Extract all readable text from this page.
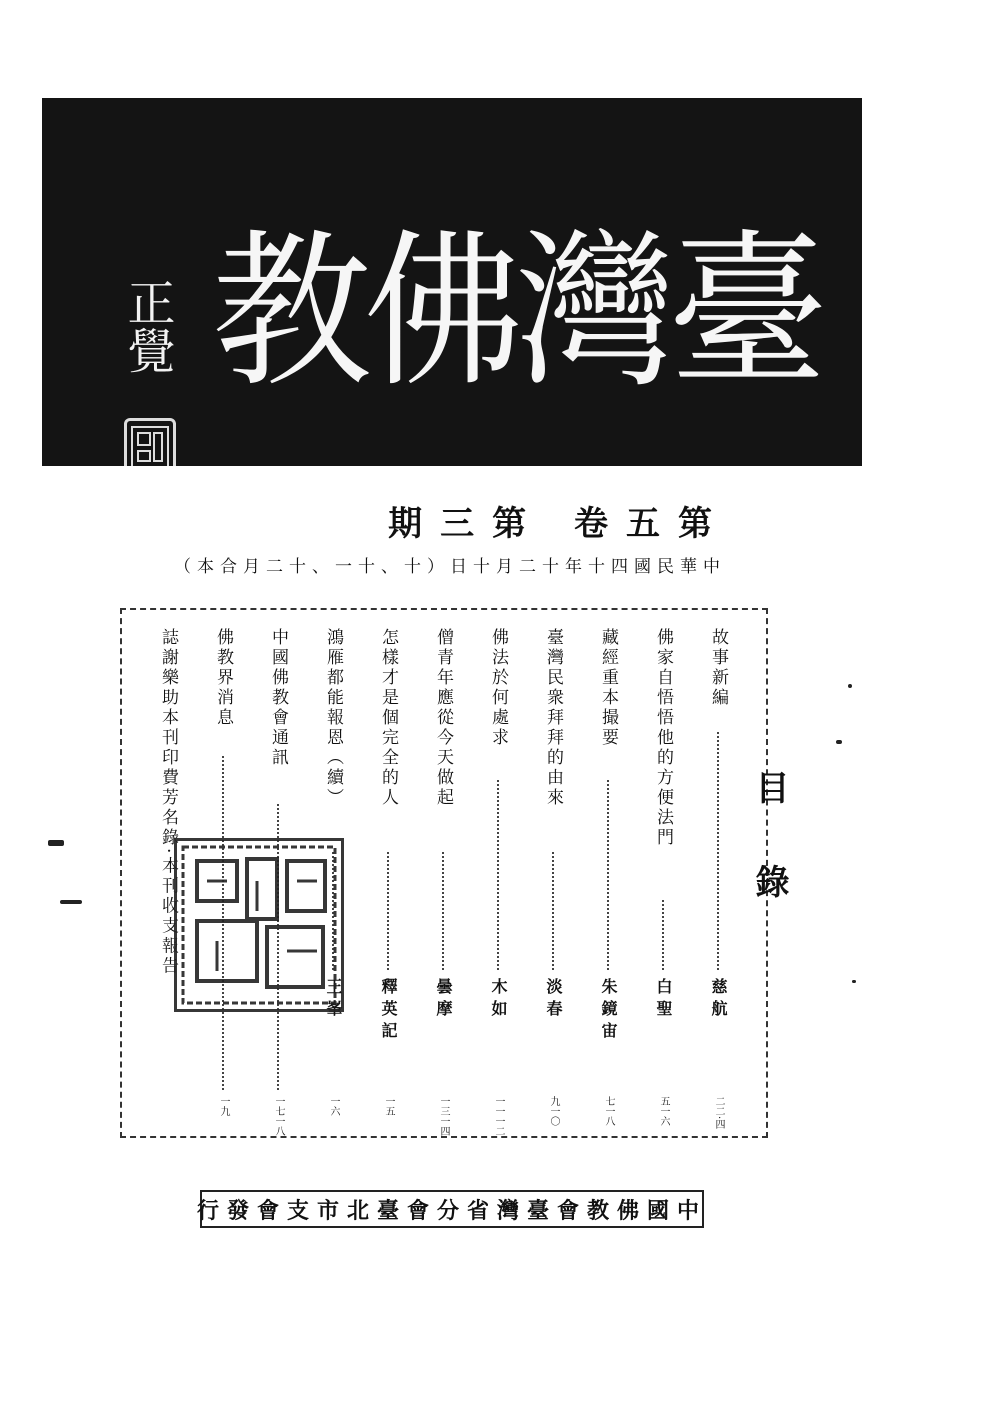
正覺 臺灣佛教
第五卷 第三期
中華民國四十年十二月十日（十、十一、十二月合本）
目錄
故事新編
慈航
二二·四
佛家自悟悟他的方便法門
白聖
五一六
藏經重本撮要
朱鏡宙
七一八
臺灣民衆拜拜的由來
淡春
九一〇
佛法於何處求
木如
一一一二
僧青年應從今天做起
曇摩
一三一四
怎樣才是個完全的人
釋英記
一五
鴻雁都能報恩（續）
王峯
一六
中國佛教會通訊
一七一八
佛教界消息
一九
誌謝樂助本刊印費芳名錄·本刊收支報告
中國佛教會臺灣省分會臺北市支會發行
